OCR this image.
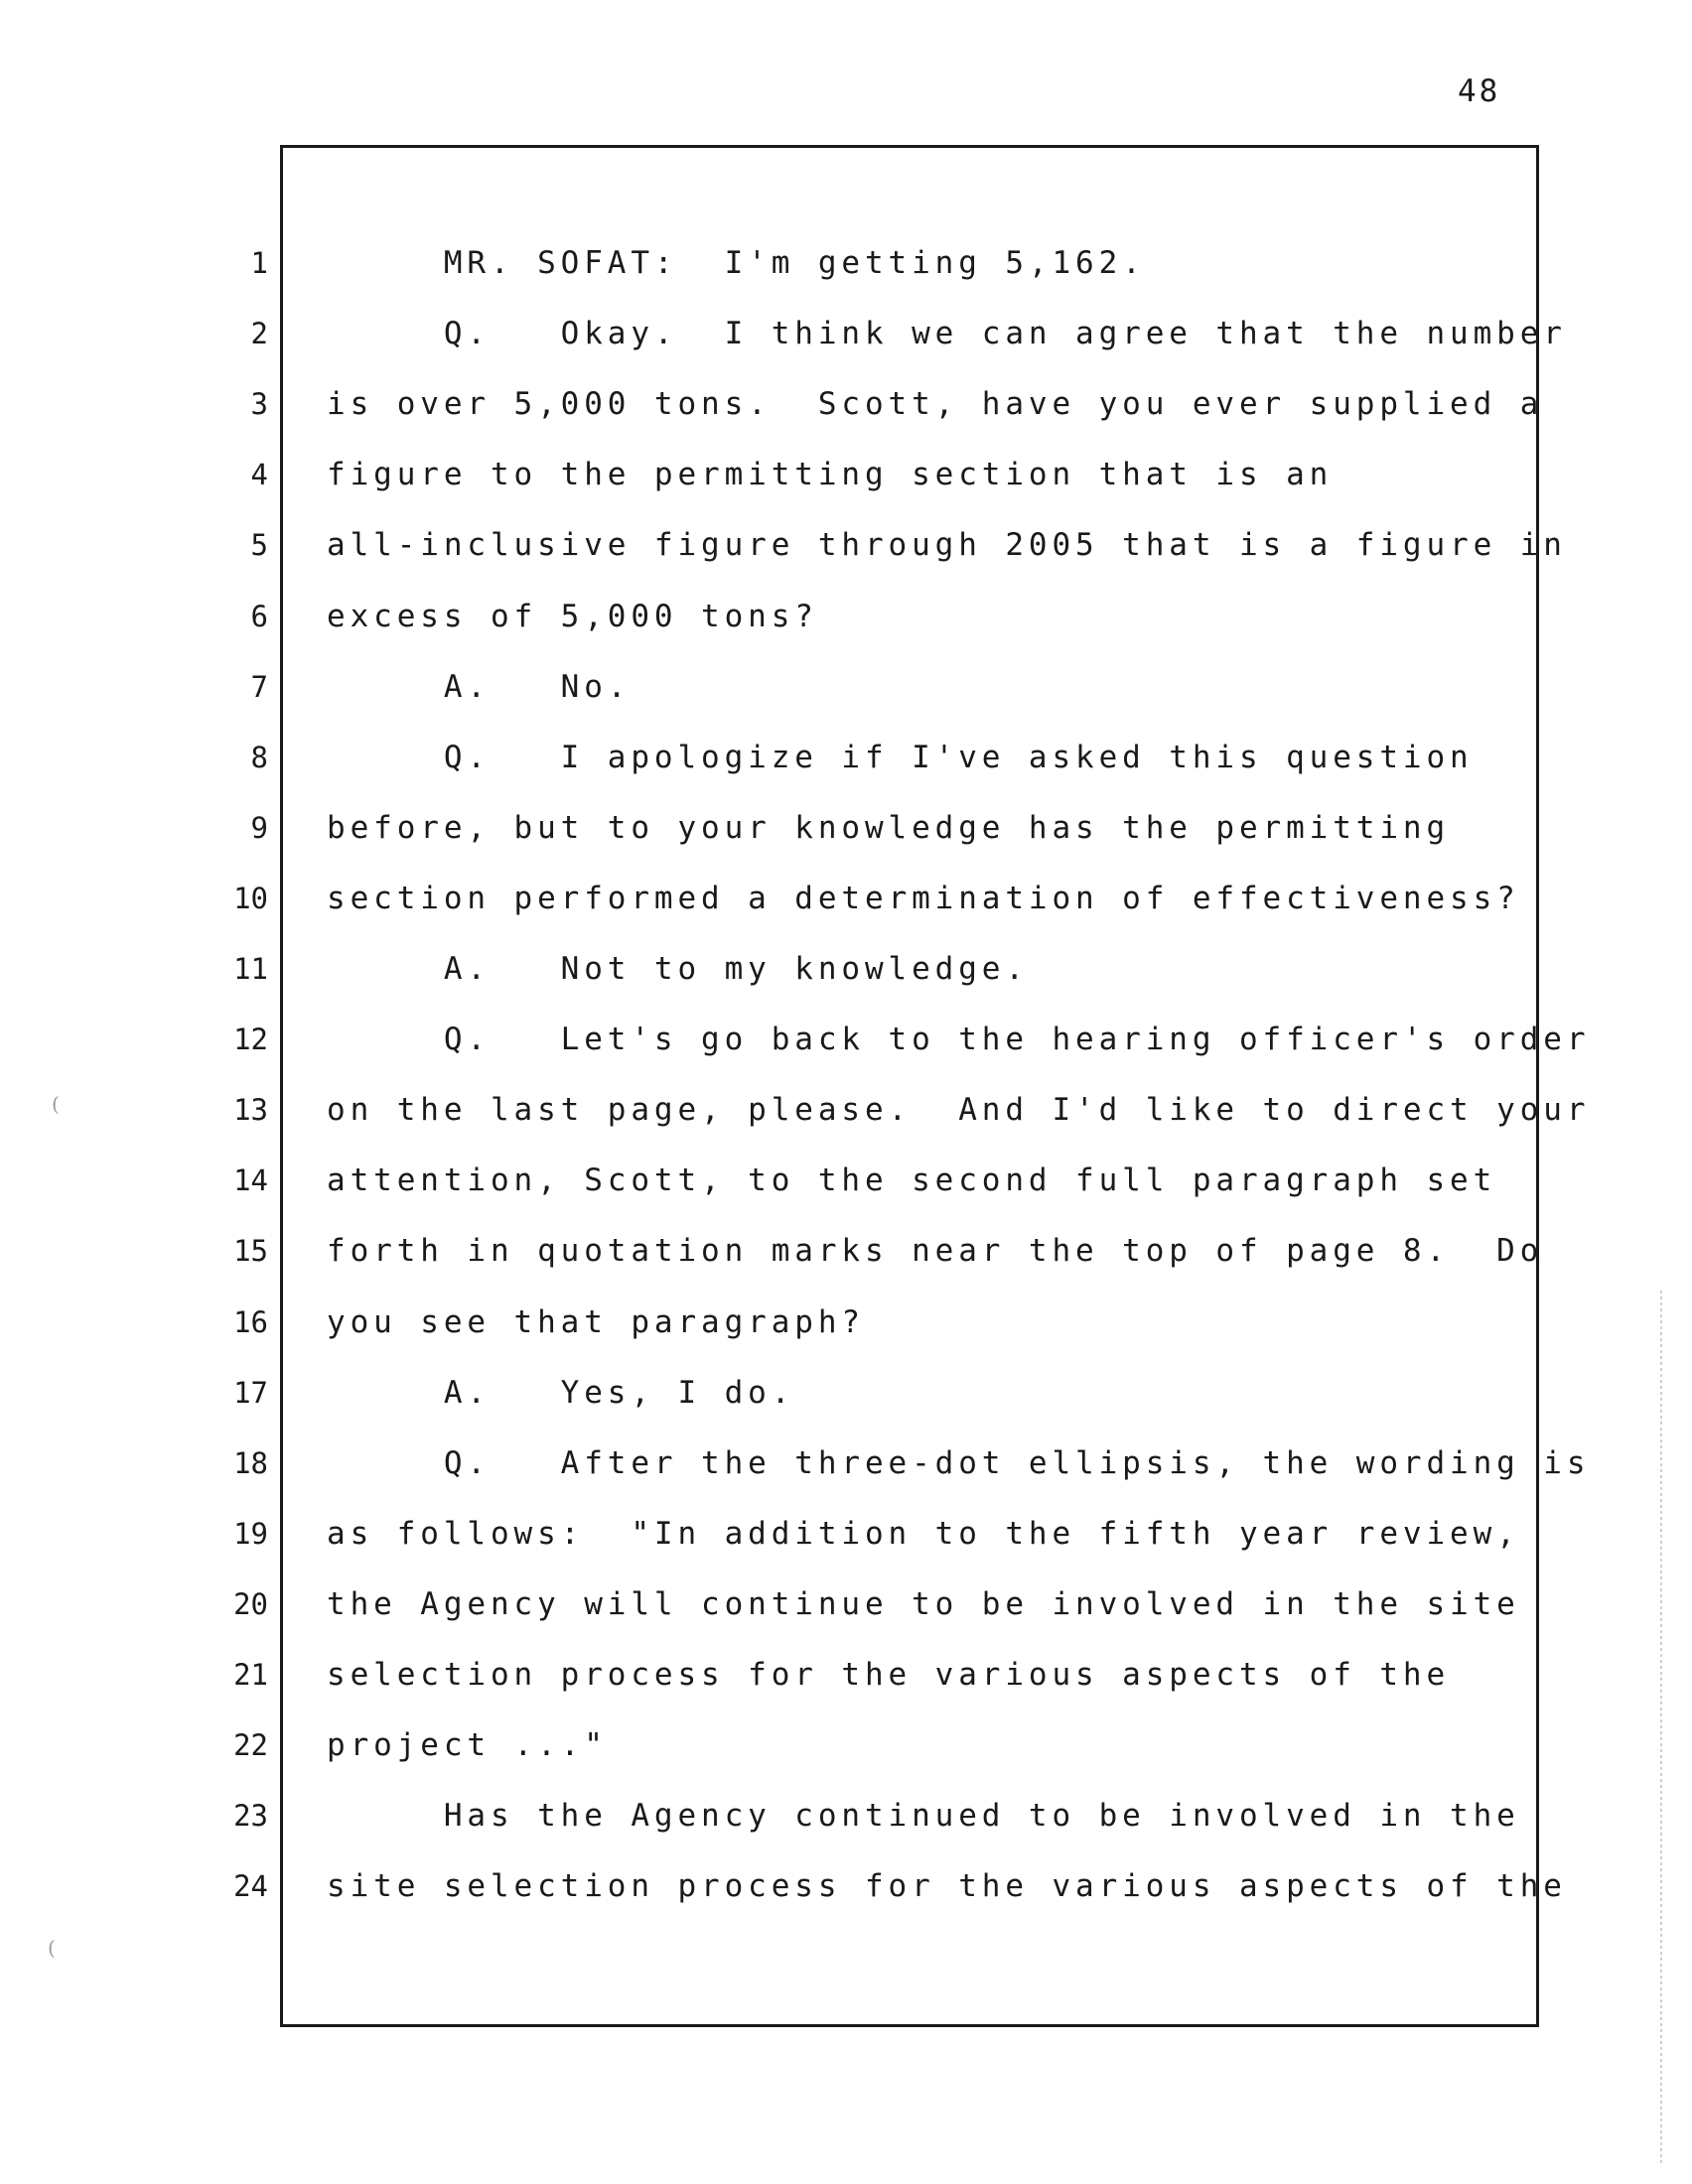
48
1 MR. SOFAT:  I'm getting 5,162.
2 Q.   Okay.  I think we can agree that the number
3 is over 5,000 tons.  Scott, have you ever supplied a
4 figure to the permitting section that is an
5 all-inclusive figure through 2005 that is a figure in
6 excess of 5,000 tons?
7 A.   No.
8 Q.   I apologize if I've asked this question
9 before, but to your knowledge has the permitting
10 section performed a determination of effectiveness?
11 A.   Not to my knowledge.
12 Q.   Let's go back to the hearing officer's order
13 on the last page, please.  And I'd like to direct your
14 attention, Scott, to the second full paragraph set
15 forth in quotation marks near the top of page 8.  Do
16 you see that paragraph?
17 A.   Yes, I do.
18 Q.   After the three-dot ellipsis, the wording is
19 as follows:  "In addition to the fifth year review,
20 the Agency will continue to be involved in the site
21 selection process for the various aspects of the
22 project ..."
23 Has the Agency continued to be involved in the
24 site selection process for the various aspects of the
(
(
